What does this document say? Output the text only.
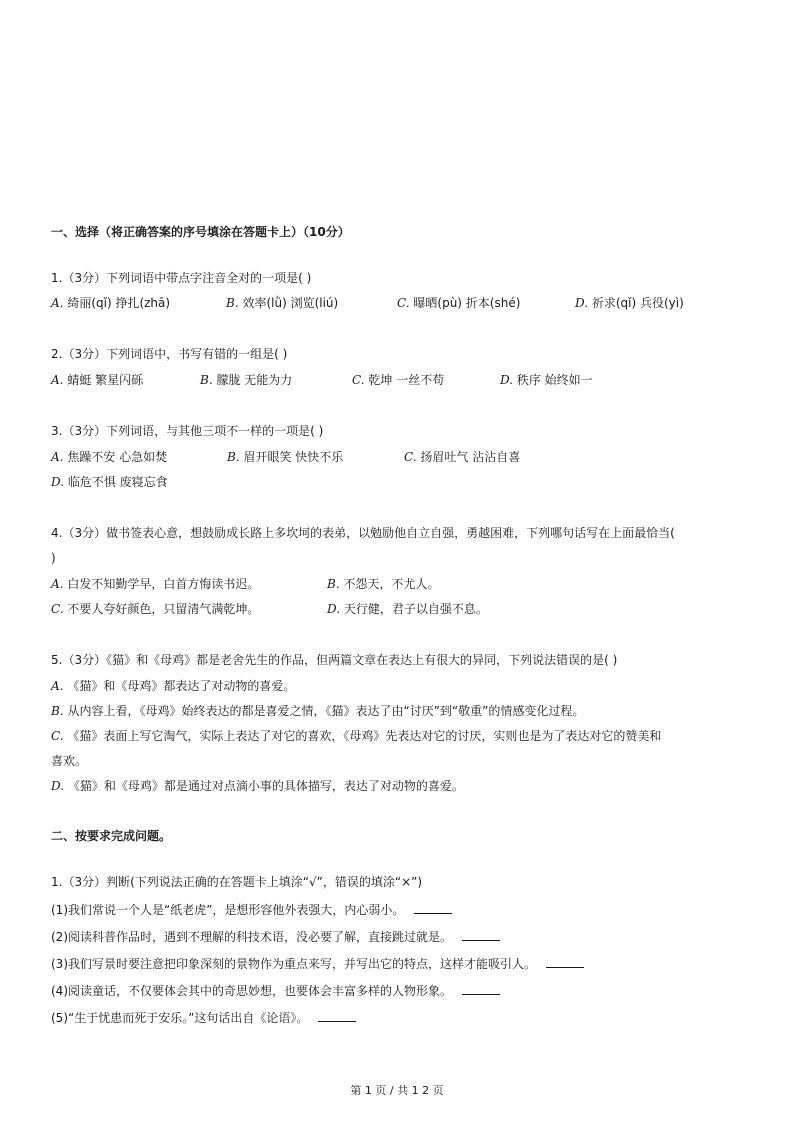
一、选择（将正确答案的序号填涂在答题卡上）（10分）
1.（3分）下列词语中带点字注音全对的一项是( )
A. 绮丽(qǐ) 挣扎(zhā)	B. 效率(lǜ) 浏览(liú)	C. 曝晒(pù) 折本(shé)	D. 祈求(qǐ) 兵役(yì)
2.（3分）下列词语中，书写有错的一组是( )
A. 蜻蜓 繁星闪砾	B. 朦胧 无能为力	C. 乾坤 一丝不苟	D. 秩序 始终如一
3.（3分）下列词语，与其他三项不一样的一项是( )
A. 焦躁不安 心急如焚	B. 眉开眼笑 快快不乐	C. 扬眉吐气 沾沾自喜
D. 临危不惧 废寝忘食
4.（3分）做书签表心意，想鼓励成长路上多坎坷的表弟，以勉励他自立自强，勇越困难，下列哪句话写在上面最恰当(
)
A. 白发不知勤学早，白首方悔读书迟。	B. 不怨天，不尤人。
C. 不要人夸好颜色，只留清气满乾坤。	D. 天行健，君子以自强不息。
5.（3分）《猫》和《母鸡》都是老舍先生的作品，但两篇文章在表达上有很大的异同，下列说法错误的是( )
A. 《猫》和《母鸡》都表达了对动物的喜爱。
B. 从内容上看，《母鸡》始终表达的都是喜爱之情，《猫》表达了由“讨厌”到“敬重”的情感变化过程。
C. 《猫》表面上写它淘气，实际上表达了对它的喜欢，《母鸡》先表达对它的讨厌，实则也是为了表达对它的赞美和
喜欢。
D. 《猫》和《母鸡》都是通过对点滴小事的具体描写，表达了对动物的喜爱。
二、按要求完成问题。
1.（3分）判断(下列说法正确的在答题卡上填涂“√”，错误的填涂“×”)
(1)我们常说一个人是“纸老虎”，是想形容他外表强大，内心弱小。
(2)阅读科普作品时，遇到不理解的科技术语，没必要了解，直接跳过就是。
(3)我们写景时要注意把印象深刻的景物作为重点来写，并写出它的特点，这样才能吸引人。
(4)阅读童话，不仅要体会其中的奇思妙想，也要体会丰富多样的人物形象。
(5)“生于忧患而死于安乐。”这句话出自《论语》。
第 1 页 / 共 1 2 页
